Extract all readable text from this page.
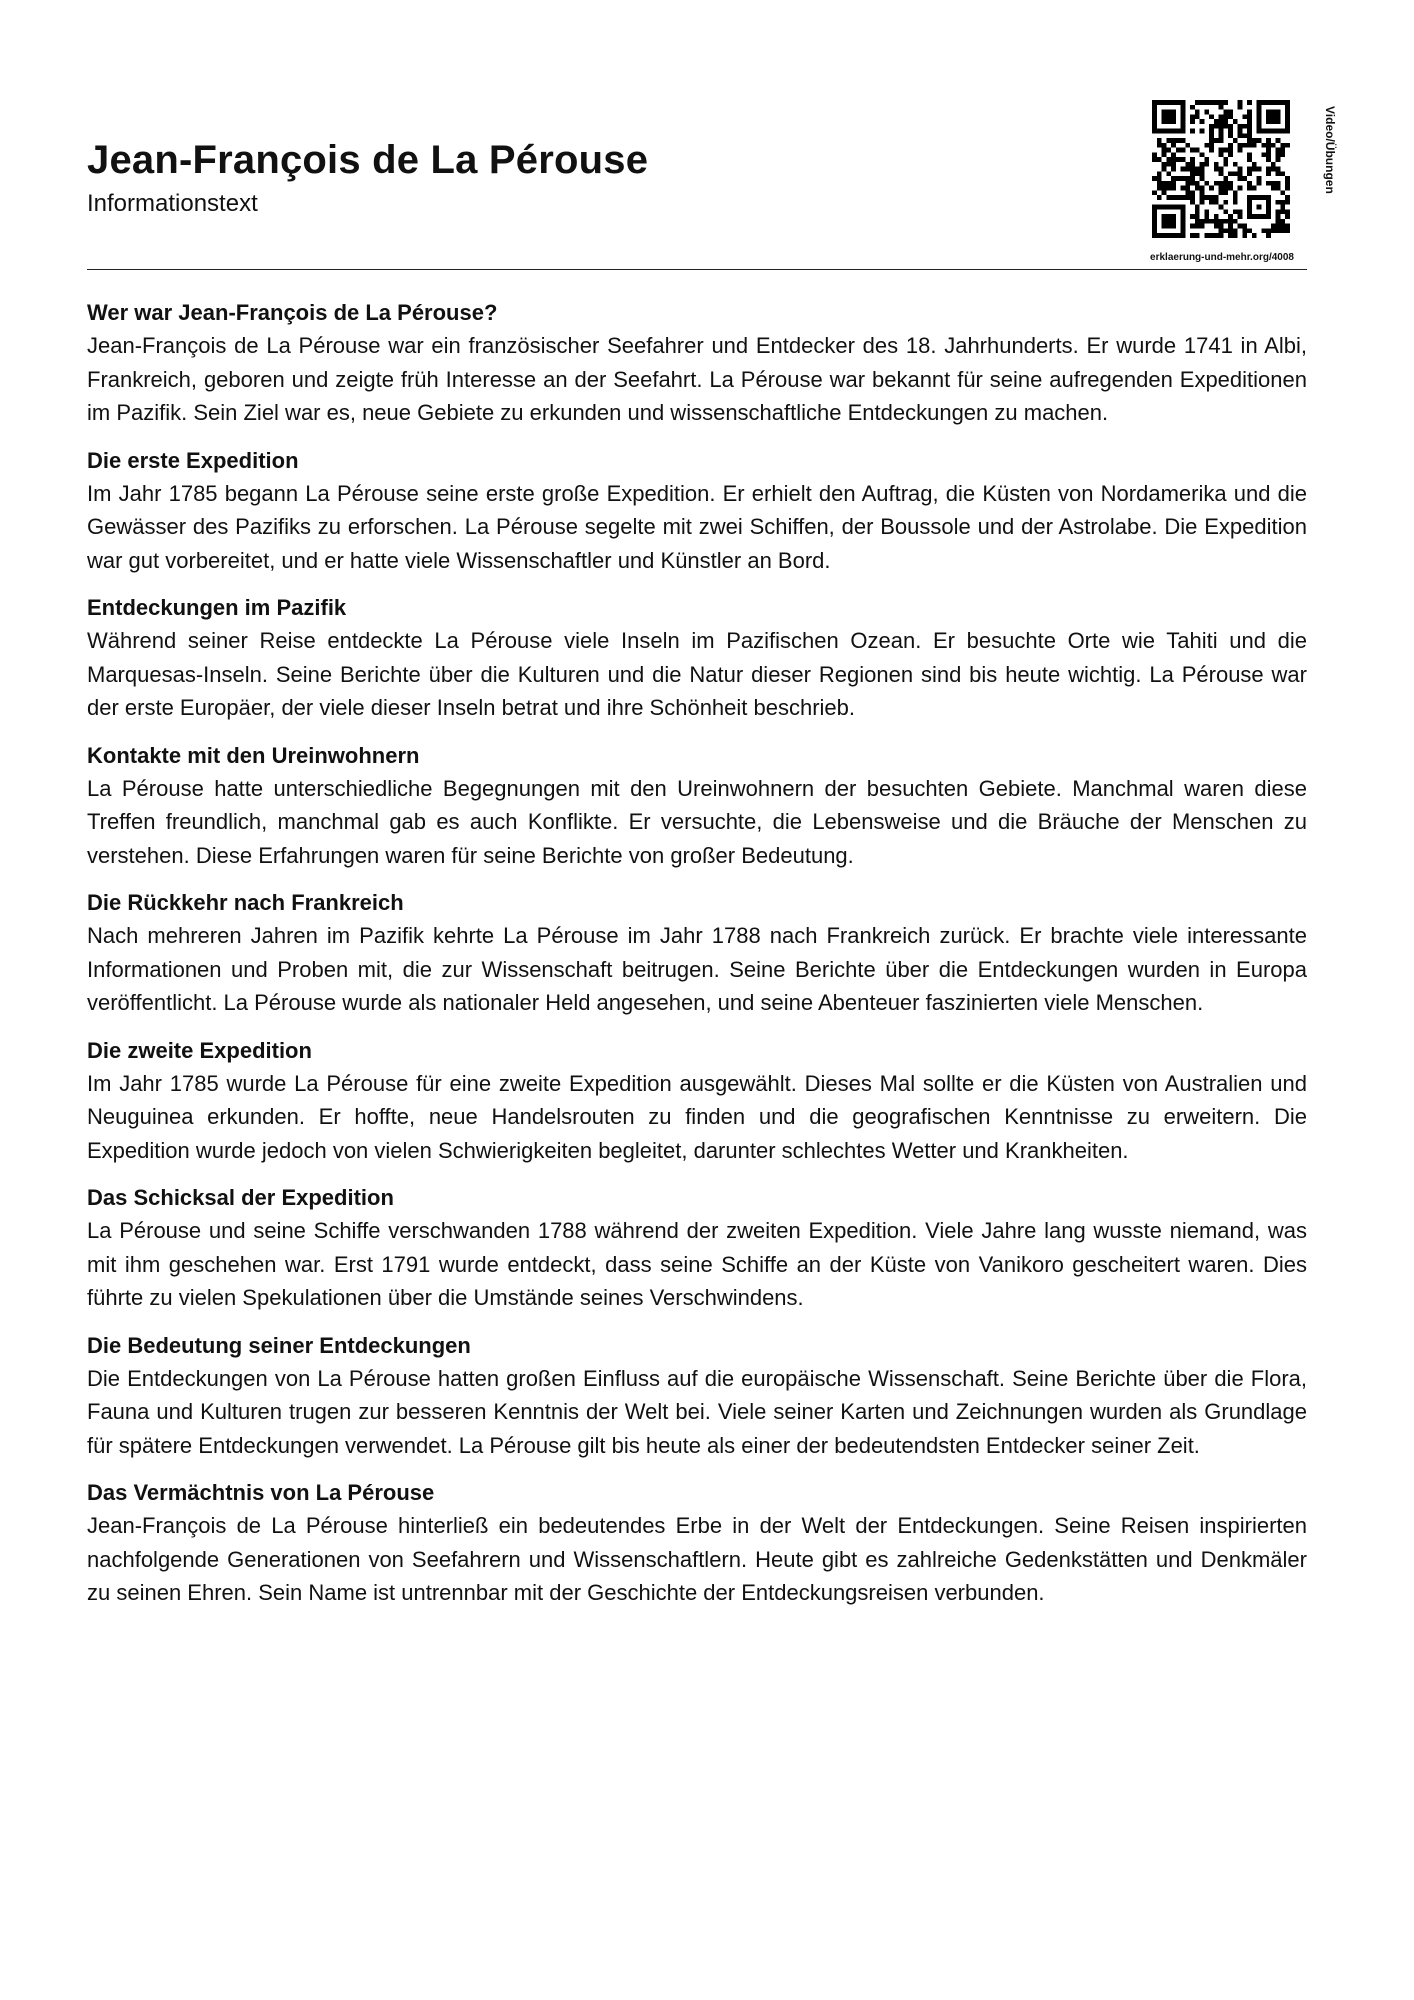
Jean-François de La Pérouse
Informationstext
erklaerung-und-mehr.org/4008
Video/Übungen
Wer war Jean-François de La Pérouse?

Jean-François de La Pérouse war ein französischer Seefahrer und Entdecker des 18. Jahrhunderts. Er wurde 1741 in Albi, Frankreich, geboren und zeigte früh Interesse an der Seefahrt. La Pérouse war bekannt für seine aufregenden Expeditionen im Pazifik. Sein Ziel war es, neue Gebiete zu erkunden und wissenschaftliche Entdeckungen zu machen.

Die erste Expedition

Im Jahr 1785 begann La Pérouse seine erste große Expedition. Er erhielt den Auftrag, die Küsten von Nordamerika und die Gewässer des Pazifiks zu erforschen. La Pérouse segelte mit zwei Schiffen, der Boussole und der Astrolabe. Die Expedition war gut vorbereitet, und er hatte viele Wissenschaftler und Künstler an Bord.

Entdeckungen im Pazifik

Während seiner Reise entdeckte La Pérouse viele Inseln im Pazifischen Ozean. Er besuchte Orte wie Tahiti und die Marquesas-Inseln. Seine Berichte über die Kulturen und die Natur dieser Regionen sind bis heute wichtig. La Pérouse war der erste Europäer, der viele dieser Inseln betrat und ihre Schönheit beschrieb.

Kontakte mit den Ureinwohnern

La Pérouse hatte unterschiedliche Begegnungen mit den Ureinwohnern der besuchten Gebiete. Manchmal waren diese Treffen freundlich, manchmal gab es auch Konflikte. Er versuchte, die Lebensweise und die Bräuche der Menschen zu verstehen. Diese Erfahrungen waren für seine Berichte von großer Bedeutung.

Die Rückkehr nach Frankreich

Nach mehreren Jahren im Pazifik kehrte La Pérouse im Jahr 1788 nach Frankreich zurück. Er brachte viele interessante Informationen und Proben mit, die zur Wissenschaft beitrugen. Seine Berichte über die Entdeckungen wurden in Europa veröffentlicht. La Pérouse wurde als nationaler Held angesehen, und seine Abenteuer faszinierten viele Menschen.

Die zweite Expedition

Im Jahr 1785 wurde La Pérouse für eine zweite Expedition ausgewählt. Dieses Mal sollte er die Küsten von Australien und Neuguinea erkunden. Er hoffte, neue Handelsrouten zu finden und die geografischen Kenntnisse zu erweitern. Die Expedition wurde jedoch von vielen Schwierigkeiten begleitet, darunter schlechtes Wetter und Krankheiten.

Das Schicksal der Expedition

La Pérouse und seine Schiffe verschwanden 1788 während der zweiten Expedition. Viele Jahre lang wusste niemand, was mit ihm geschehen war. Erst 1791 wurde entdeckt, dass seine Schiffe an der Küste von Vanikoro gescheitert waren. Dies führte zu vielen Spekulationen über die Umstände seines Verschwindens.

Die Bedeutung seiner Entdeckungen

Die Entdeckungen von La Pérouse hatten großen Einfluss auf die europäische Wissenschaft. Seine Berichte über die Flora, Fauna und Kulturen trugen zur besseren Kenntnis der Welt bei. Viele seiner Karten und Zeichnungen wurden als Grundlage für spätere Entdeckungen verwendet. La Pérouse gilt bis heute als einer der bedeutendsten Entdecker seiner Zeit.

Das Vermächtnis von La Pérouse

Jean-François de La Pérouse hinterließ ein bedeutendes Erbe in der Welt der Entdeckungen. Seine Reisen inspirierten nachfolgende Generationen von Seefahrern und Wissenschaftlern. Heute gibt es zahlreiche Gedenkstätten und Denkmäler zu seinen Ehren. Sein Name ist untrennbar mit der Geschichte der Entdeckungsreisen verbunden.
